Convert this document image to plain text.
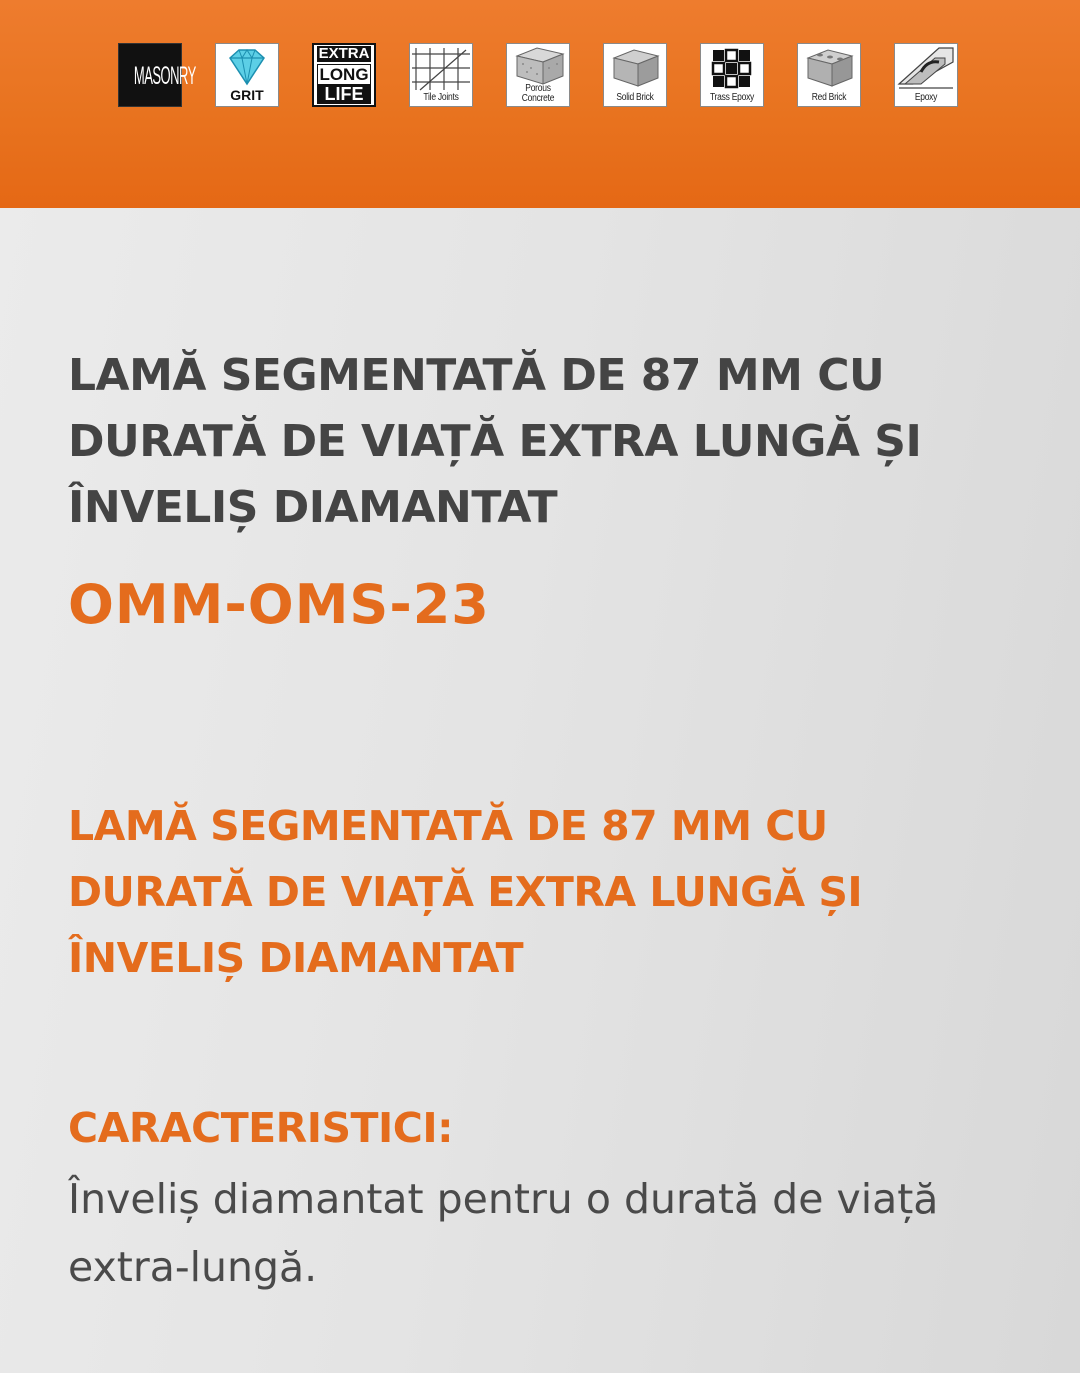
MASONRY
GRIT
EXTRA
LONG
LIFE	Tile Joints
Porous
Concrete	Solid Brick	Trass Epoxy	Red Brick	Epoxy
LAMĂ SEGMENTATĂ DE 87 MM CU DURATĂ DE VIAȚĂ EXTRA LUNGĂ ȘI ÎNVELIȘ DIAMANTAT
OMM-OMS-23
LAMĂ SEGMENTATĂ DE 87 MM CU DURATĂ DE VIAȚĂ EXTRA LUNGĂ ȘI ÎNVELIȘ DIAMANTAT
CARACTERISTICI:

Înveliș diamantat pentru o durată de viață extra-lungă.
